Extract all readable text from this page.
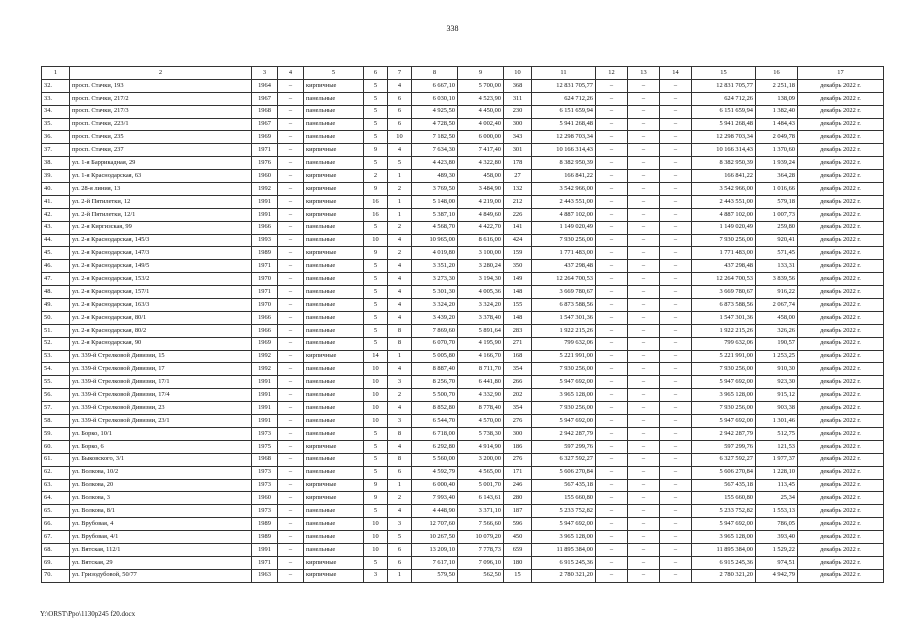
338
1	2	3	4	5	6	7	8	9	10	11	12	13	14	15	16	17
32.	просп. Стачки, 193	1964	–	кирпичные	5	4	6 667,10	5 700,00	368	12 831 705,77	–	–	–	12 831 705,77	2 251,18	декабрь 2022 г.
33.	просп. Стачки, 217/2	1967	–	панельные	5	6	6 030,10	4 523,90	311	624 712,26	–	–	–	624 712,26	138,09	декабрь 2022 г.
34.	просп. Стачки, 217/3	1968	–	панельные	5	6	4 925,50	4 450,00	230	6 151 659,94	–	–	–	6 151 659,94	1 382,40	декабрь 2022 г.
35.	просп. Стачки, 223/1	1967	–	панельные	5	6	4 728,50	4 002,40	300	5 941 268,48	–	–	–	5 941 268,48	1 484,43	декабрь 2022 г.
36.	просп. Стачки, 235	1969	–	панельные	5	10	7 182,50	6 000,00	343	12 298 703,34	–	–	–	12 298 703,34	2 049,78	декабрь 2022 г.
37.	просп. Стачки, 237	1971	–	кирпичные	9	4	7 634,30	7 417,40	301	10 166 314,43	–	–	–	10 166 314,43	1 370,60	декабрь 2022 г.
38.	ул. 1-я Баррикадная, 29	1976	–	панельные	5	5	4 423,80	4 322,80	178	8 382 950,39	–	–	–	8 382 950,39	1 939,24	декабрь 2022 г.
39.	ул. 1-я Краснодарская, 63	1960	–	кирпичные	2	1	489,30	458,00	27	166 841,22	–	–	–	166 841,22	364,28	декабрь 2022 г.
40.	ул. 28-я линия, 13	1992	–	кирпичные	9	2	3 769,50	3 484,90	132	3 542 966,00	–	–	–	3 542 966,00	1 016,66	декабрь 2022 г.
41.	ул. 2-й Пятилетки, 12	1991	–	кирпичные	16	1	5 148,00	4 219,00	212	2 443 551,00	–	–	–	2 443 551,00	579,18	декабрь 2022 г.
42.	ул. 2-й Пятилетки, 12/1	1991	–	кирпичные	16	1	5 387,10	4 849,60	226	4 887 102,00	–	–	–	4 887 102,00	1 007,73	декабрь 2022 г.
43.	ул. 2-я Киргизская, 99	1966	–	панельные	5	2	4 568,70	4 422,70	141	1 149 020,49	–	–	–	1 149 020,49	259,80	декабрь 2022 г.
44.	ул. 2-я Краснодарская, 145/3	1993	–	панельные	10	4	10 965,00	8 616,00	424	7 930 256,00	–	–	–	7 930 256,00	920,41	декабрь 2022 г.
45.	ул. 2-я Краснодарская, 147/3	1989	–	кирпичные	9	2	4 019,80	3 100,00	159	1 771 483,00	–	–	–	1 771 483,00	571,45	декабрь 2022 г.
46.	ул. 2-я Краснодарская, 149/5	1971	–	панельные	5	4	3 351,20	3 280,24	350	437 298,48	–	–	–	437 298,48	133,31	декабрь 2022 г.
47.	ул. 2-я Краснодарская, 153/2	1970	–	панельные	5	4	3 273,30	3 194,30	149	12 264 700,53	–	–	–	12 264 700,53	3 839,56	декабрь 2022 г.
48.	ул. 2-я Краснодарская, 157/1	1971	–	панельные	5	4	5 301,30	4 005,36	148	3 669 780,67	–	–	–	3 669 780,67	916,22	декабрь 2022 г.
49.	ул. 2-я Краснодарская, 163/3	1970	–	панельные	5	4	3 324,20	3 324,20	155	6 873 588,56	–	–	–	6 873 588,56	2 067,74	декабрь 2022 г.
50.	ул. 2-я Краснодарская, 80/1	1966	–	панельные	5	4	3 439,20	3 378,40	148	1 547 301,36	–	–	–	1 547 301,36	458,00	декабрь 2022 г.
51.	ул. 2-я Краснодарская, 80/2	1966	–	панельные	5	8	7 869,60	5 891,64	283	1 922 215,26	–	–	–	1 922 215,26	326,26	декабрь 2022 г.
52.	ул. 2-я Краснодарская, 90	1969	–	панельные	5	8	6 070,70	4 195,90	271	799 632,06	–	–	–	799 632,06	190,57	декабрь 2022 г.
53.	ул. 339-й Стрелковой Дивизии, 15	1992	–	кирпичные	14	1	5 005,80	4 166,70	168	5 221 991,00	–	–	–	5 221 991,00	1 253,25	декабрь 2022 г.
54.	ул. 339-й Стрелковой Дивизии, 17	1992	–	панельные	10	4	8 887,40	8 711,70	354	7 930 256,00	–	–	–	7 930 256,00	910,30	декабрь 2022 г.
55.	ул. 339-й Стрелковой Дивизии, 17/1	1991	–	панельные	10	3	8 256,70	6 441,80	266	5 947 692,00	–	–	–	5 947 692,00	923,30	декабрь 2022 г.
56.	ул. 339-й Стрелковой Дивизии, 17/4	1991	–	панельные	10	2	5 500,70	4 332,90	202	3 965 128,00	–	–	–	3 965 128,00	915,12	декабрь 2022 г.
57.	ул. 339-й Стрелковой Дивизии, 23	1991	–	панельные	10	4	8 852,80	8 778,40	354	7 930 256,00	–	–	–	7 930 256,00	903,38	декабрь 2022 г.
58.	ул. 339-й Стрелковой Дивизии, 23/1	1991	–	панельные	10	3	6 544,70	4 570,00	276	5 947 692,00	–	–	–	5 947 692,00	1 301,46	декабрь 2022 г.
59.	ул. Борко, 10/1	1973	–	панельные	5	8	6 718,00	5 738,30	300	2 942 287,79	–	–	–	2 942 287,79	512,75	декабрь 2022 г.
60.	ул. Борко, 6	1975	–	кирпичные	5	4	6 292,80	4 914,90	186	597 299,76	–	–	–	597 299,76	121,53	декабрь 2022 г.
61.	ул. Быковского, 3/1	1968	–	панельные	5	8	5 560,00	3 200,00	276	6 327 592,27	–	–	–	6 327 592,27	1 977,37	декабрь 2022 г.
62.	ул. Волкова, 10/2	1973	–	панельные	5	6	4 592,79	4 565,00	171	5 606 270,84	–	–	–	5 606 270,84	1 228,10	декабрь 2022 г.
63.	ул. Волкова, 20	1973	–	кирпичные	9	1	6 000,40	5 001,70	246	567 435,18	–	–	–	567 435,18	113,45	декабрь 2022 г.
64.	ул. Волкова, 3	1960	–	кирпичные	9	2	7 993,40	6 143,61	280	155 660,80	–	–	–	155 660,80	25,34	декабрь 2022 г.
65.	ул. Волкова, 8/1	1973	–	панельные	5	4	4 448,90	3 371,10	187	5 233 752,82	–	–	–	5 233 752,82	1 553,13	декабрь 2022 г.
66.	ул. Врубовая, 4	1989	–	панельные	10	3	12 707,60	7 566,60	596	5 947 692,00	–	–	–	5 947 692,00	786,05	декабрь 2022 г.
67.	ул. Врубовая, 4/1	1989	–	панельные	10	5	10 267,50	10 079,20	450	3 965 128,00	–	–	–	3 965 128,00	393,40	декабрь 2022 г.
68.	ул. Вятская, 112/1	1991	–	панельные	10	6	13 209,10	7 778,73	659	11 895 384,00	–	–	–	11 895 384,00	1 529,22	декабрь 2022 г.
69.	ул. Вятская, 29	1971	–	кирпичные	5	6	7 617,10	7 096,10	180	6 915 245,36	–	–	–	6 915 245,36	974,51	декабрь 2022 г.
70.	ул. Гризодубовой, 50/77	1963	–	кирпичные	3	1	579,50	562,50	15	2 780 321,20	–	–	–	2 780 321,20	4 942,79	декабрь 2022 г.
Y:\ORST\Ppo\1130p245 f20.docx
